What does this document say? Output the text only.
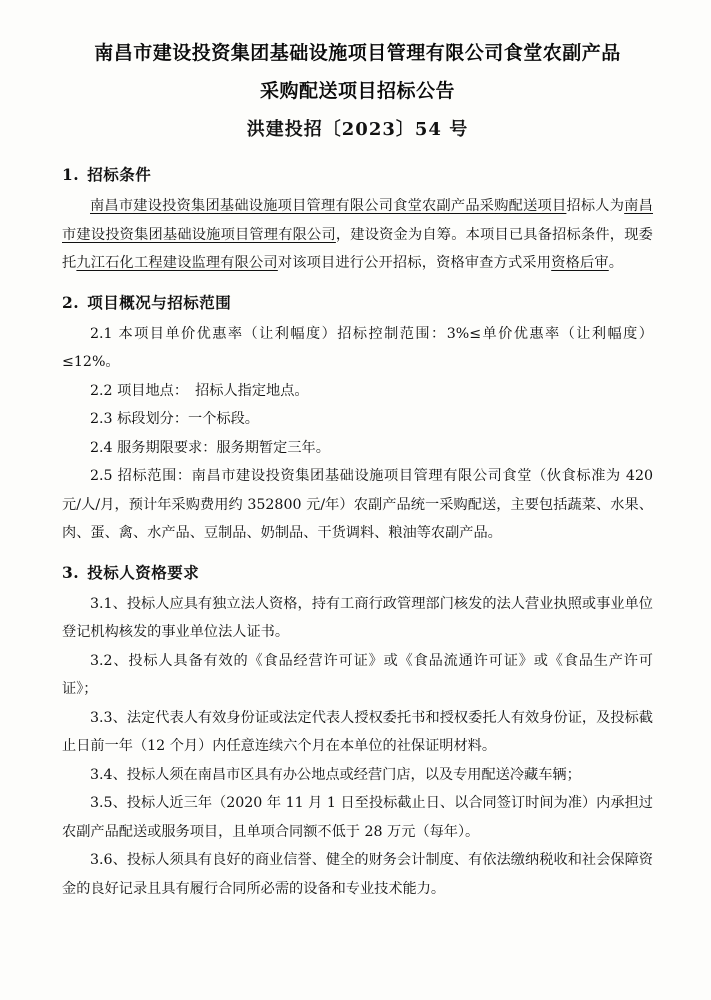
南昌市建设投资集团基础设施项目管理有限公司食堂农副产品
采购配送项目招标公告
洪建投招〔2023〕54 号
1. 招标条件

南昌市建设投资集团基础设施项目管理有限公司食堂农副产品采购配送项目招标人为南昌市建设投资集团基础设施项目管理有限公司，建设资金为自筹。本项目已具备招标条件，现委托九江石化工程建设监理有限公司对该项目进行公开招标，资格审查方式采用资格后审。

2. 项目概况与招标范围

2.1 本项目单价优惠率（让利幅度）招标控制范围：3%≤单价优惠率（让利幅度）≤12%。

2.2 项目地点：　招标人指定地点。

2.3 标段划分：一个标段。

2.4 服务期限要求：服务期暂定三年。

2.5 招标范围：南昌市建设投资集团基础设施项目管理有限公司食堂（伙食标准为 420 元/人/月，预计年采购费用约 352800 元/年）农副产品统一采购配送，主要包括蔬菜、水果、肉、蛋、禽、水产品、豆制品、奶制品、干货调料、粮油等农副产品。

3. 投标人资格要求

3.1、投标人应具有独立法人资格，持有工商行政管理部门核发的法人营业执照或事业单位登记机构核发的事业单位法人证书。

3.2、投标人具备有效的《食品经营许可证》或《食品流通许可证》或《食品生产许可证》；

3.3、法定代表人有效身份证或法定代表人授权委托书和授权委托人有效身份证，及投标截止日前一年（12 个月）内任意连续六个月在本单位的社保证明材料。

3.4、投标人须在南昌市区具有办公地点或经营门店，以及专用配送冷藏车辆；

3.5、投标人近三年（2020 年 11 月 1 日至投标截止日、以合同签订时间为准）内承担过农副产品配送或服务项目，且单项合同额不低于 28 万元（每年）。

3.6、投标人须具有良好的商业信誉、健全的财务会计制度、有依法缴纳税收和社会保障资金的良好记录且具有履行合同所必需的设备和专业技术能力。
